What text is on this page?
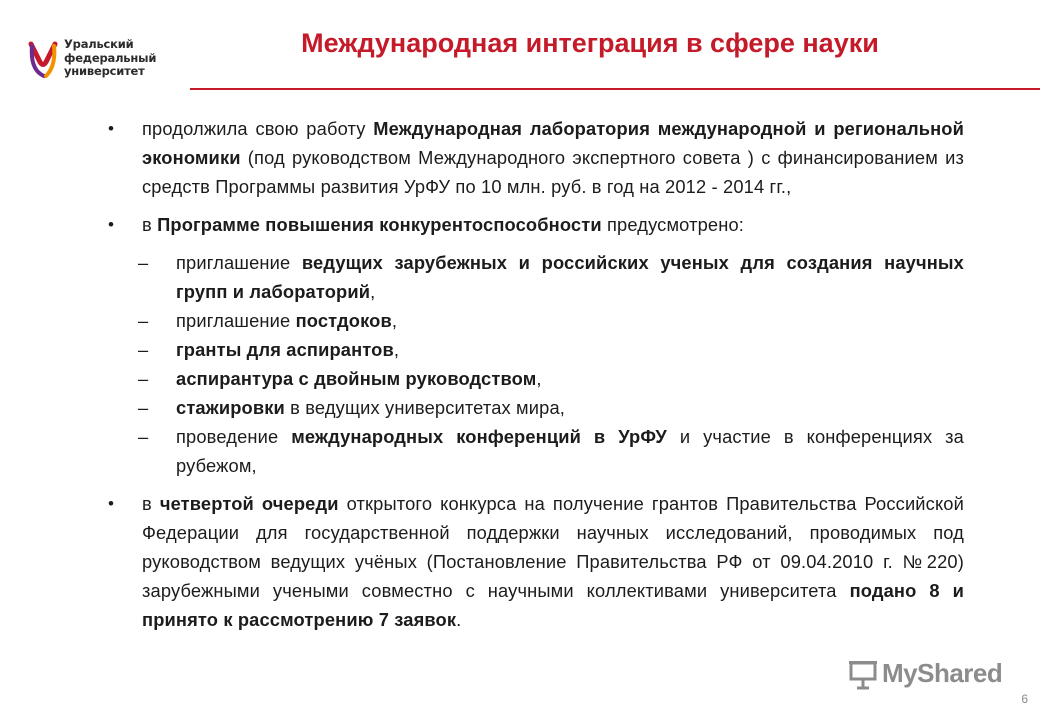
Уральский
федеральный
университет
Международная интеграция в сфере науки

• продолжила свою работу Международная лаборатория международной и региональной экономики (под руководством Международного экспертного совета ) с финансированием из средств Программы развития УрФУ по 10 млн. руб. в год на 2012 - 2014 гг.,

• в Программе повышения конкурентоспособности предусмотрено:

– приглашение ведущих зарубежных и российских ученых для создания научных групп и лабораторий,

– приглашение постдоков,

– гранты для аспирантов,

– аспирантура с двойным руководством,

– стажировки в ведущих университетах мира,

– проведение международных конференций в УрФУ и участие в конференциях за рубежом,

• в четвертой очереди открытого конкурса на получение грантов Правительства Российской Федерации для государственной поддержки научных исследований, проводимых под руководством ведущих учёных (Постановление Правительства РФ от 09.04.2010 г. №220) зарубежными учеными совместно с научными коллективами университета подано 8 и принято к рассмотрению 7 заявок.

MyShared
6
